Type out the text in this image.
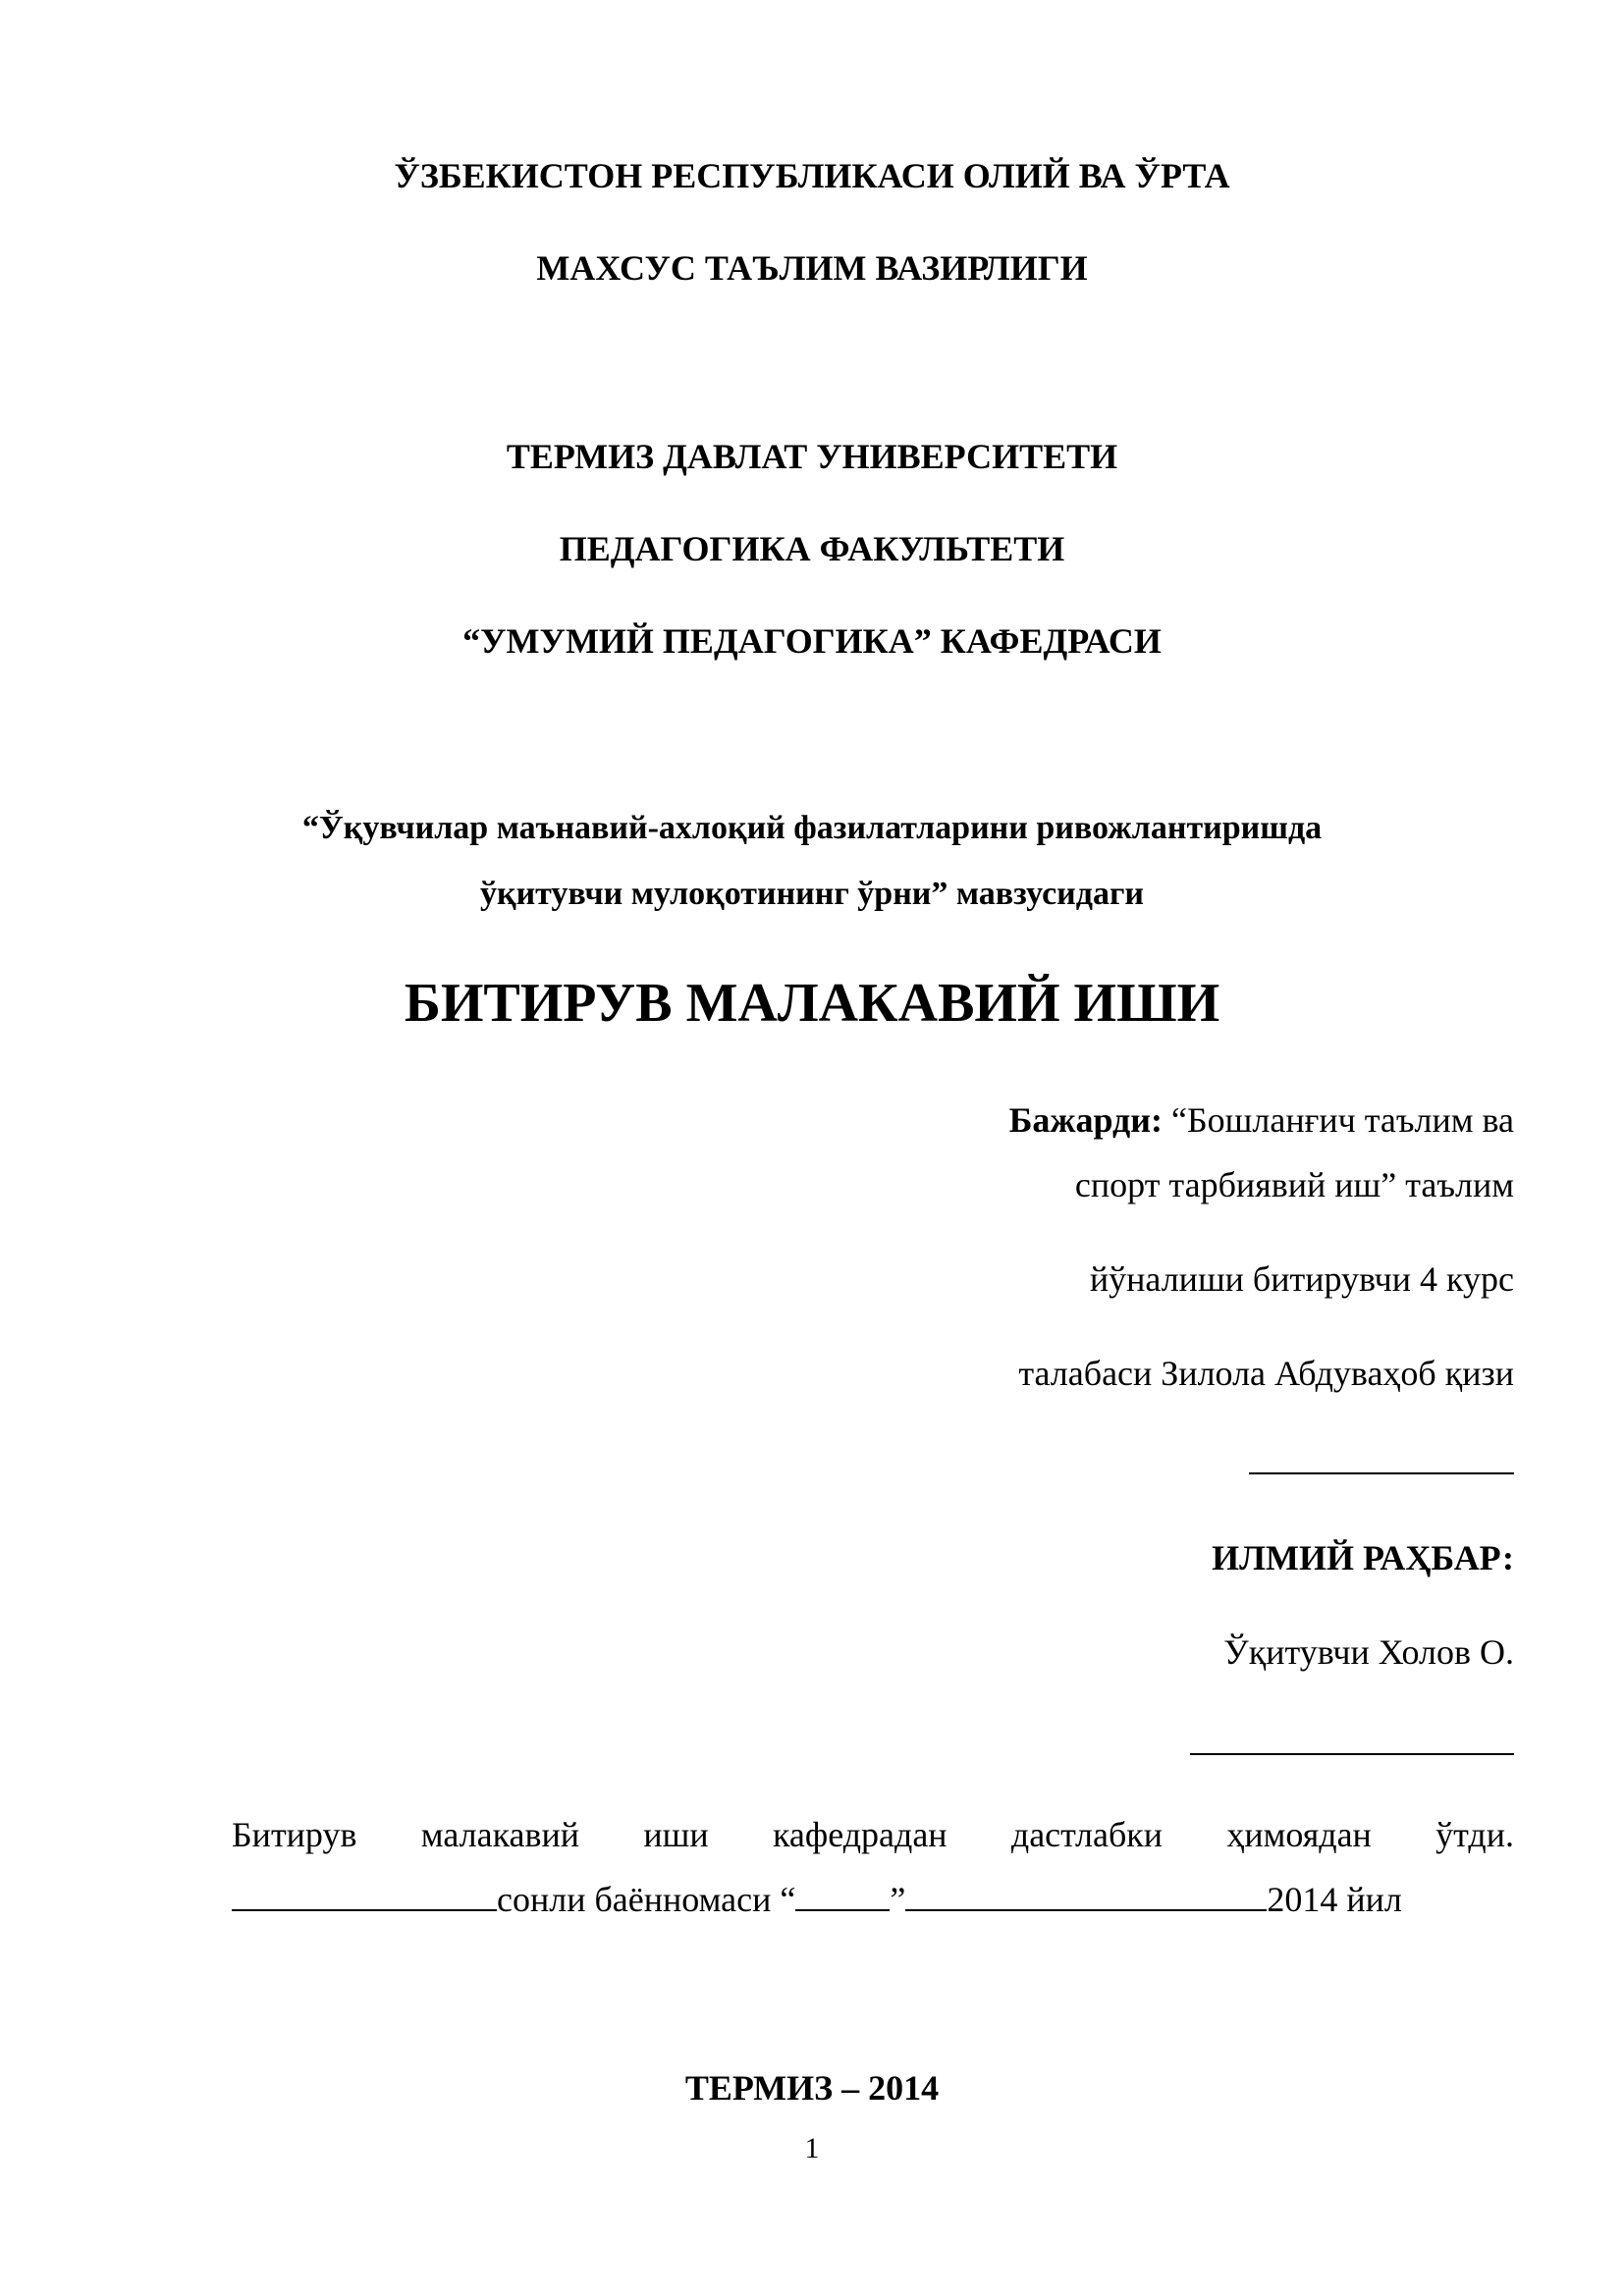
ЎЗБЕКИСТОН РЕСПУБЛИКАСИ ОЛИЙ ВА ЎРТА
МАХСУС ТАЪЛИМ ВАЗИРЛИГИ
ТЕРМИЗ ДАВЛАТ УНИВЕРСИТЕТИ
ПЕДАГОГИКА ФАКУЛЬТЕТИ
“УМУМИЙ ПЕДАГОГИКА” КАФЕДРАСИ
“Ўқувчилар маънавий-ахлоқий фазилатларини ривожлантиришда
ўқитувчи мулоқотининг ўрни” мавзусидаги
БИТИРУВ МАЛАКАВИЙ ИШИ
Бажарди: “Бошланғич таълим ва
спорт тарбиявий иш” таълим
йўналиши битирувчи 4 курс
талабаси Зилола Абдуваҳоб қизи
ИЛМИЙ РАҲБАР:
Ўқитувчи Холов О.
Битирув малакавий иши кафедрадан дастлабки ҳимоядан ўтди.
сонли баённомаси “	”	2014 йил
ТЕРМИЗ – 2014
1
